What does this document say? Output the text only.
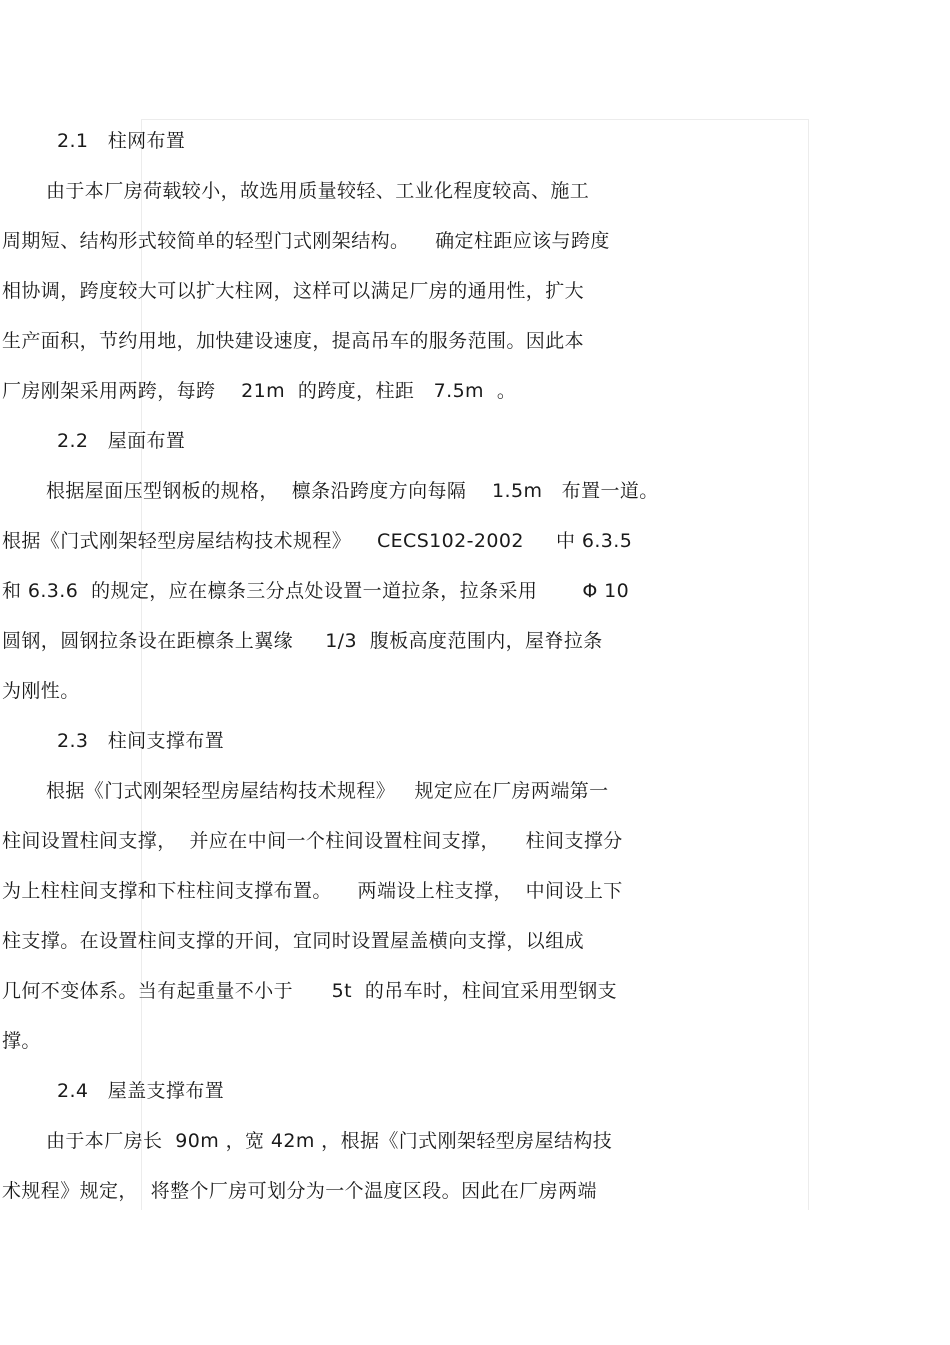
2.1   柱网布置
由于本厂房荷载较小，故选用质量较轻、工业化程度较高、施工
周期短、结构形式较简单的轻型门式刚架结构。    确定柱距应该与跨度
相协调，跨度较大可以扩大柱网，这样可以满足厂房的通用性，扩大
生产面积，节约用地，加快建设速度，提高吊车的服务范围。因此本
厂房刚架采用两跨，每跨    21m  的跨度，柱距   7.5m  。
2.2   屋面布置
根据屋面压型钢板的规格，  檩条沿跨度方向每隔    1.5m   布置一道。
根据《门式刚架轻型房屋结构技术规程》    CECS102-2002     中 6.3.5
和 6.3.6  的规定，应在檩条三分点处设置一道拉条，拉条采用       Φ 10
圆钢，圆钢拉条设在距檩条上翼缘     1/3  腹板高度范围内，屋脊拉条
为刚性。
2.3   柱间支撑布置
根据《门式刚架轻型房屋结构技术规程》   规定应在厂房两端第一
柱间设置柱间支撑，  并应在中间一个柱间设置柱间支撑，    柱间支撑分
为上柱柱间支撑和下柱柱间支撑布置。    两端设上柱支撑，  中间设上下
柱支撑。在设置柱间支撑的开间，宜同时设置屋盖横向支撑，以组成
几何不变体系。当有起重量不小于      5t  的吊车时，柱间宜采用型钢支
撑。
2.4   屋盖支撑布置
由于本厂房长  90m ，宽 42m ，根据《门式刚架轻型房屋结构技
术规程》规定，  将整个厂房可划分为一个温度区段。因此在厂房两端
